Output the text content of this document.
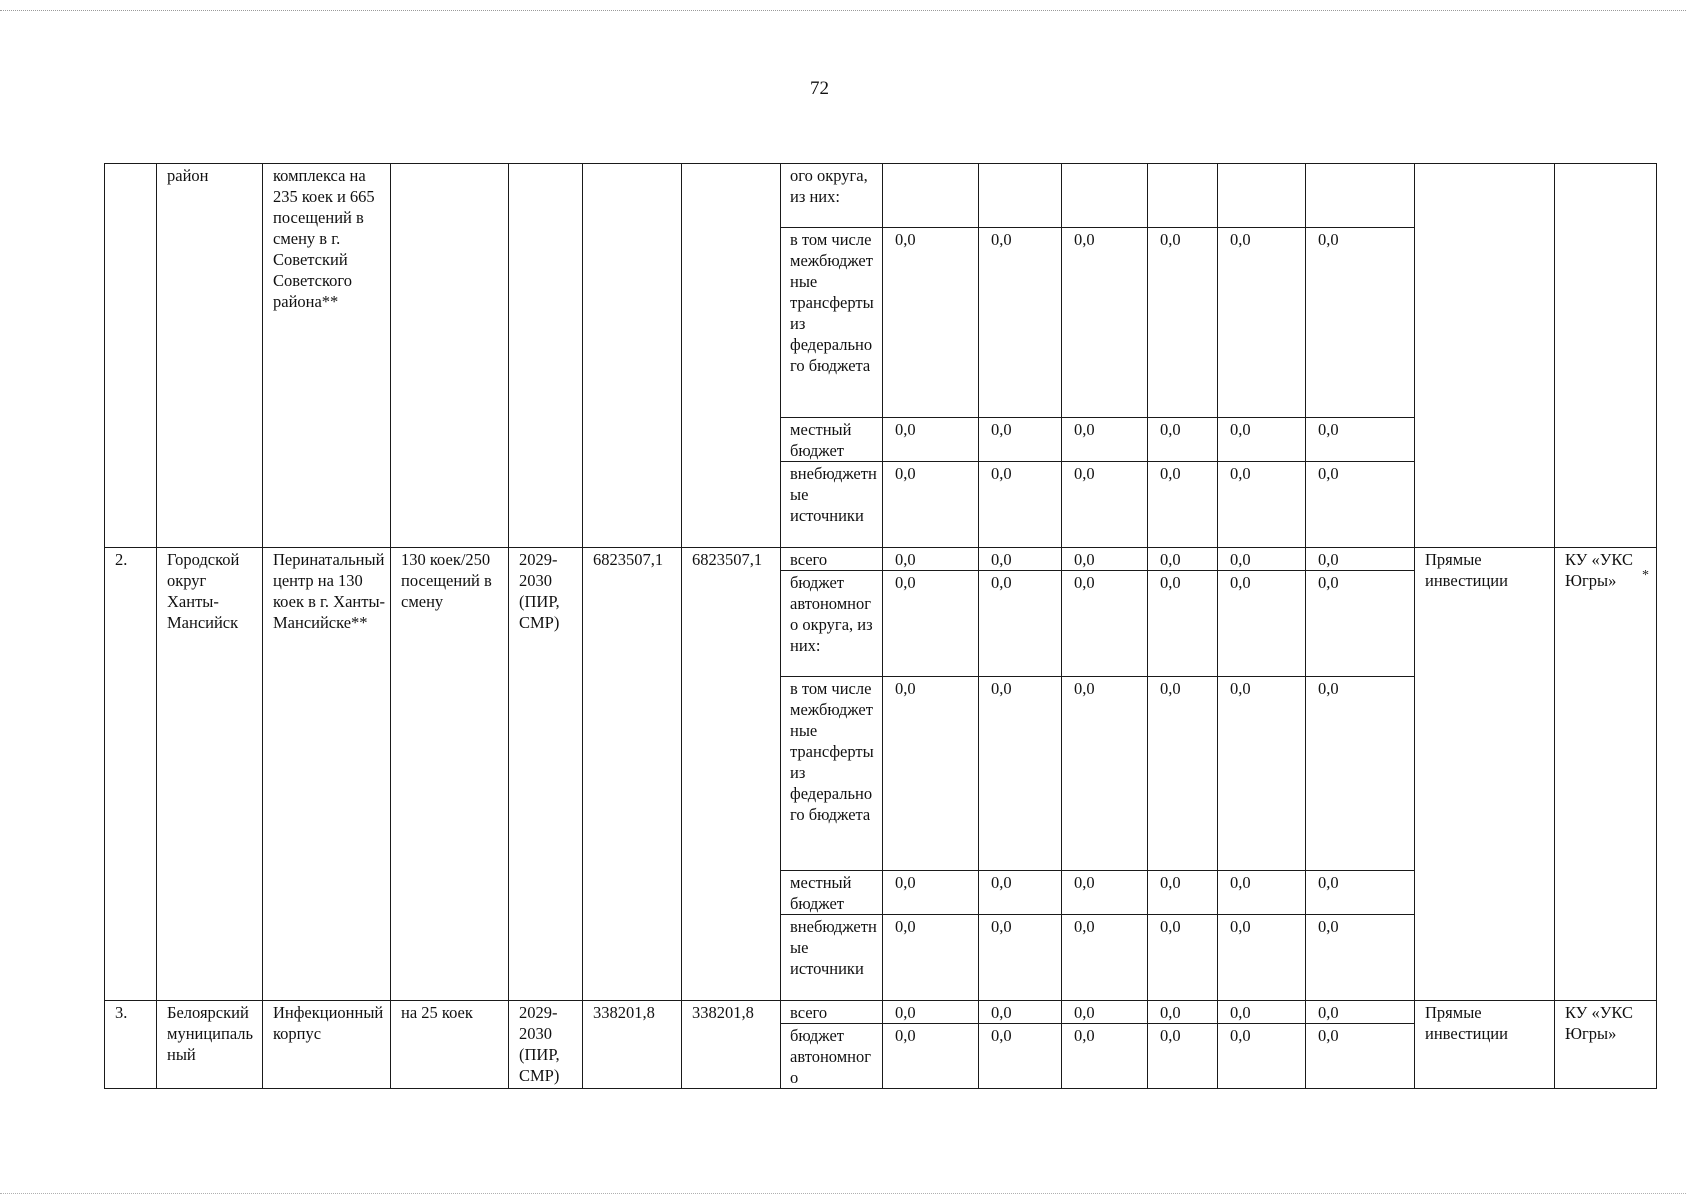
72
	район	комплекса на 235 коек и 665 посещений в смену в г. Советский Советского района**					ого округа, из них:								
							в том числе межбюджетные трансферты из федерального бюджета	0,0	0,0	0,0	0,0	0,0	0,0		
							местный бюджет	0,0	0,0	0,0	0,0	0,0	0,0		
							внебюджетные источники	0,0	0,0	0,0	0,0	0,0	0,0		
2.	Городской округ Ханты-Мансийск	Перинатальный центр на 130 коек в г. Ханты-Мансийске**	130 коек/250 посещений в смену	2029-2030 (ПИР, СМР)	6823507,1	6823507,1	всего	0,0	0,0	0,0	0,0	0,0	0,0	Прямые инвестиции	КУ «УКС Югры»
							бюджет автономного округа, из них:	0,0	0,0	0,0	0,0	0,0	0,0		
							в том числе межбюджетные трансферты из федерального бюджета	0,0	0,0	0,0	0,0	0,0	0,0		
							местный бюджет	0,0	0,0	0,0	0,0	0,0	0,0		
							внебюджетные источники	0,0	0,0	0,0	0,0	0,0	0,0		
3.	Белоярский муниципальный	Инфекционный корпус	на 25 коек	2029-2030 (ПИР, СМР)	338201,8	338201,8	всего	0,0	0,0	0,0	0,0	0,0	0,0	Прямые инвестиции	КУ «УКС Югры»
							бюджет автономного	0,0	0,0	0,0	0,0	0,0	0,0		
*
